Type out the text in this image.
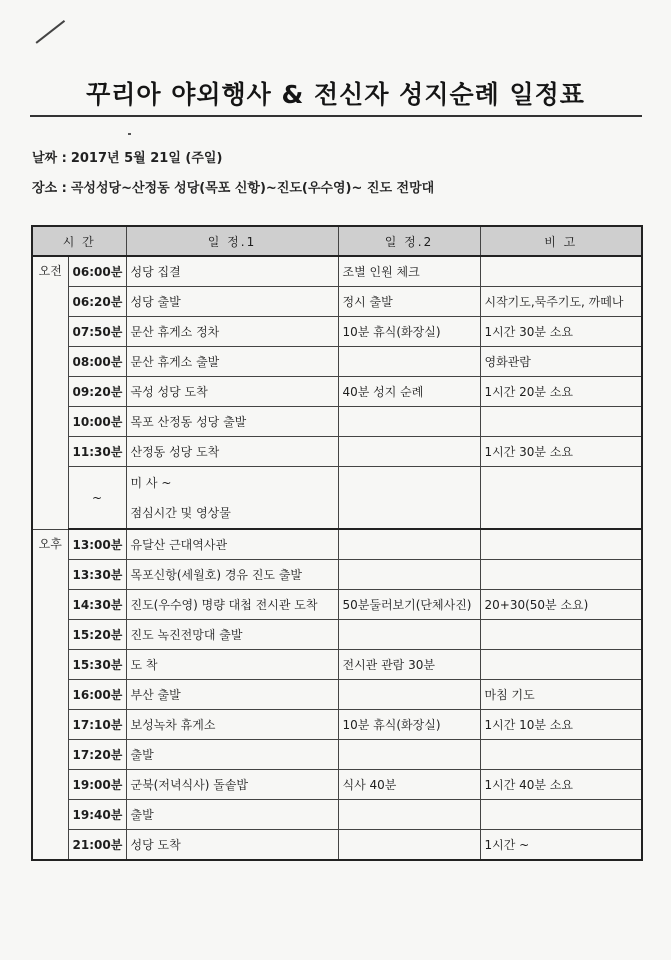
꾸리아 야외행사 & 전신자 성지순례 일정표
날짜 : 2017년 5월 21일 (주일)
장소 : 곡성성당~산정동 성당(목포 신항)~진도(우수영)~ 진도 전망대
시 간		일 정.1	일 정.2	비 고

오전	06:00분	성당 집결	조별 인원 체크	
	06:20분	성당 출발	정시 출발	시작기도,묵주기도, 까떼나
	07:50분	문산 휴게소 정차	10분 휴식(화장실)	1시간 30분 소요
	08:00분	문산 휴게소 출발		영화관람
	09:20분	곡성 성당 도착	40분 성지 순례	1시간 20분 소요
	10:00분	목포 산정동 성당 출발		
	11:30분	산정동 성당 도착		1시간 30분 소요
	~	미 사 ~
점심시간 및 영상물		

오후	13:00분	유달산 근대역사관		
	13:30분	목포신항(세월호) 경유 진도 출발		
	14:30분	진도(우수영) 명량 대첩 전시관 도착	50분둘러보기(단체사진)	20+30(50분 소요)
	15:20분	진도 녹진전망대 출발		
	15:30분	도 착	전시관 관람 30분	
	16:00분	부산 출발		마침 기도
	17:10분	보성녹차 휴게소	10분 휴식(화장실)	1시간 10분 소요
	17:20분	출발		
	19:00분	군북(저녁식사) 돌솥밥	식사 40분	1시간 40분 소요
	19:40분	출발		
	21:00분	성당 도착		1시간 ~
